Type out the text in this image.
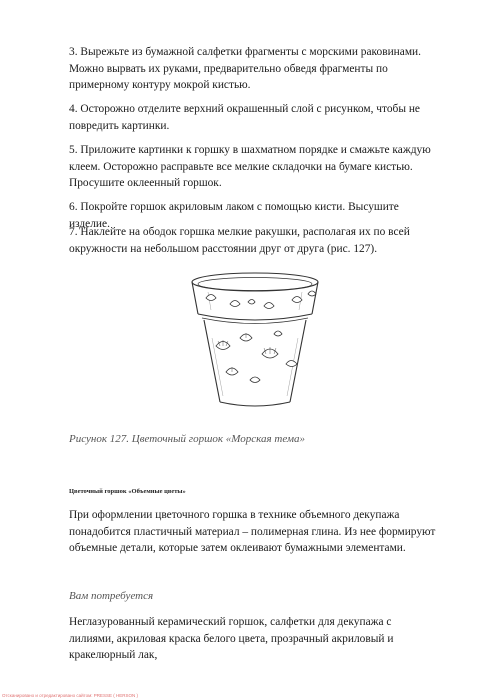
3. Вырежьте из бумажной салфетки фрагменты с морскими раковинами. Можно вырвать их руками, предварительно обведя фрагменты по примерному контуру мокрой кистью.

4. Осторожно отделите верхний окрашенный слой с рисунком, чтобы не повредить картинки.

5. Приложите картинки к горшку в шахматном порядке и смажьте каждую клеем. Осторожно расправьте все мелкие складочки на бумаге кистью. Просушите оклеенный горшок.

6. Покройте горшок акриловым лаком с помощью кисти. Высушите изделие.

7. Наклейте на ободок горшка мелкие ракушки, располагая их по всей окружности на небольшом расстоянии друг от друга (рис. 127).

Рисунок 127. Цветочный горшок «Морская тема»

Цветочный горшок «Объемные цветы»

При оформлении цветочного горшка в технике объемного декупажа понадобится пластичный материал – полимерная глина. Из нее формируют объемные детали, которые затем оклеивают бумажными элементами.

Вам потребуется

Неглазурованный керамический горшок, салфетки для декупажа с лилиями, акриловая краска белого цвета, прозрачный акриловый и кракелюрный лак,

Отсканировано и отредактировано сайтом: PRESSE ( HERSON )
